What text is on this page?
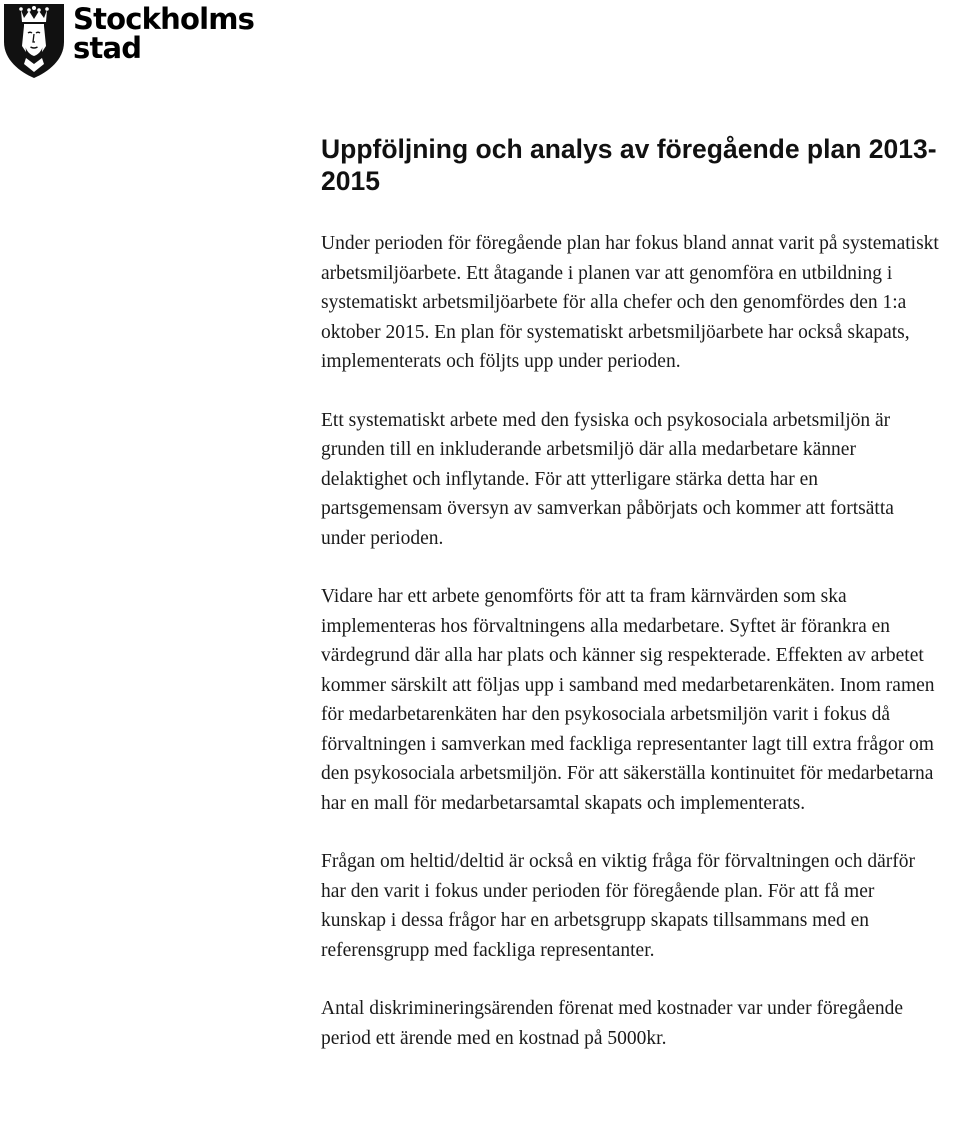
Stockholms
stad
Uppföljning och analys av föregående plan 2013-2015

Under perioden för föregående plan har fokus bland annat varit på systematiskt arbetsmiljöarbete. Ett åtagande i planen var att genomföra en utbildning i systematiskt arbetsmiljöarbete för alla chefer och den genomfördes den 1:a oktober 2015. En plan för systematiskt arbetsmiljöarbete har också skapats, implementerats och följts upp under perioden.

Ett systematiskt arbete med den fysiska och psykosociala arbetsmiljön är grunden till en inkluderande arbetsmiljö där alla medarbetare känner delaktighet och inflytande. För att ytterligare stärka detta har en partsgemensam översyn av samverkan påbörjats och kommer att fortsätta under perioden.

Vidare har ett arbete genomförts för att ta fram kärnvärden som ska implementeras hos förvaltningens alla medarbetare. Syftet är förankra en värdegrund där alla har plats och känner sig respekterade. Effekten av arbetet kommer särskilt att följas upp i samband med medarbetarenkäten. Inom ramen för medarbetarenkäten har den psykosociala arbetsmiljön varit i fokus då förvaltningen i samverkan med fackliga representanter lagt till extra frågor om den psykosociala arbetsmiljön. För att säkerställa kontinuitet för medarbetarna har en mall för medarbetarsamtal skapats och implementerats.

Frågan om heltid/deltid är också en viktig fråga för förvaltningen och därför har den varit i fokus under perioden för föregående plan. För att få mer kunskap i dessa frågor har en arbetsgrupp skapats tillsammans med en referensgrupp med fackliga representanter.

Antal diskrimineringsärenden förenat med kostnader var under föregående period ett ärende med en kostnad på 5000kr.
